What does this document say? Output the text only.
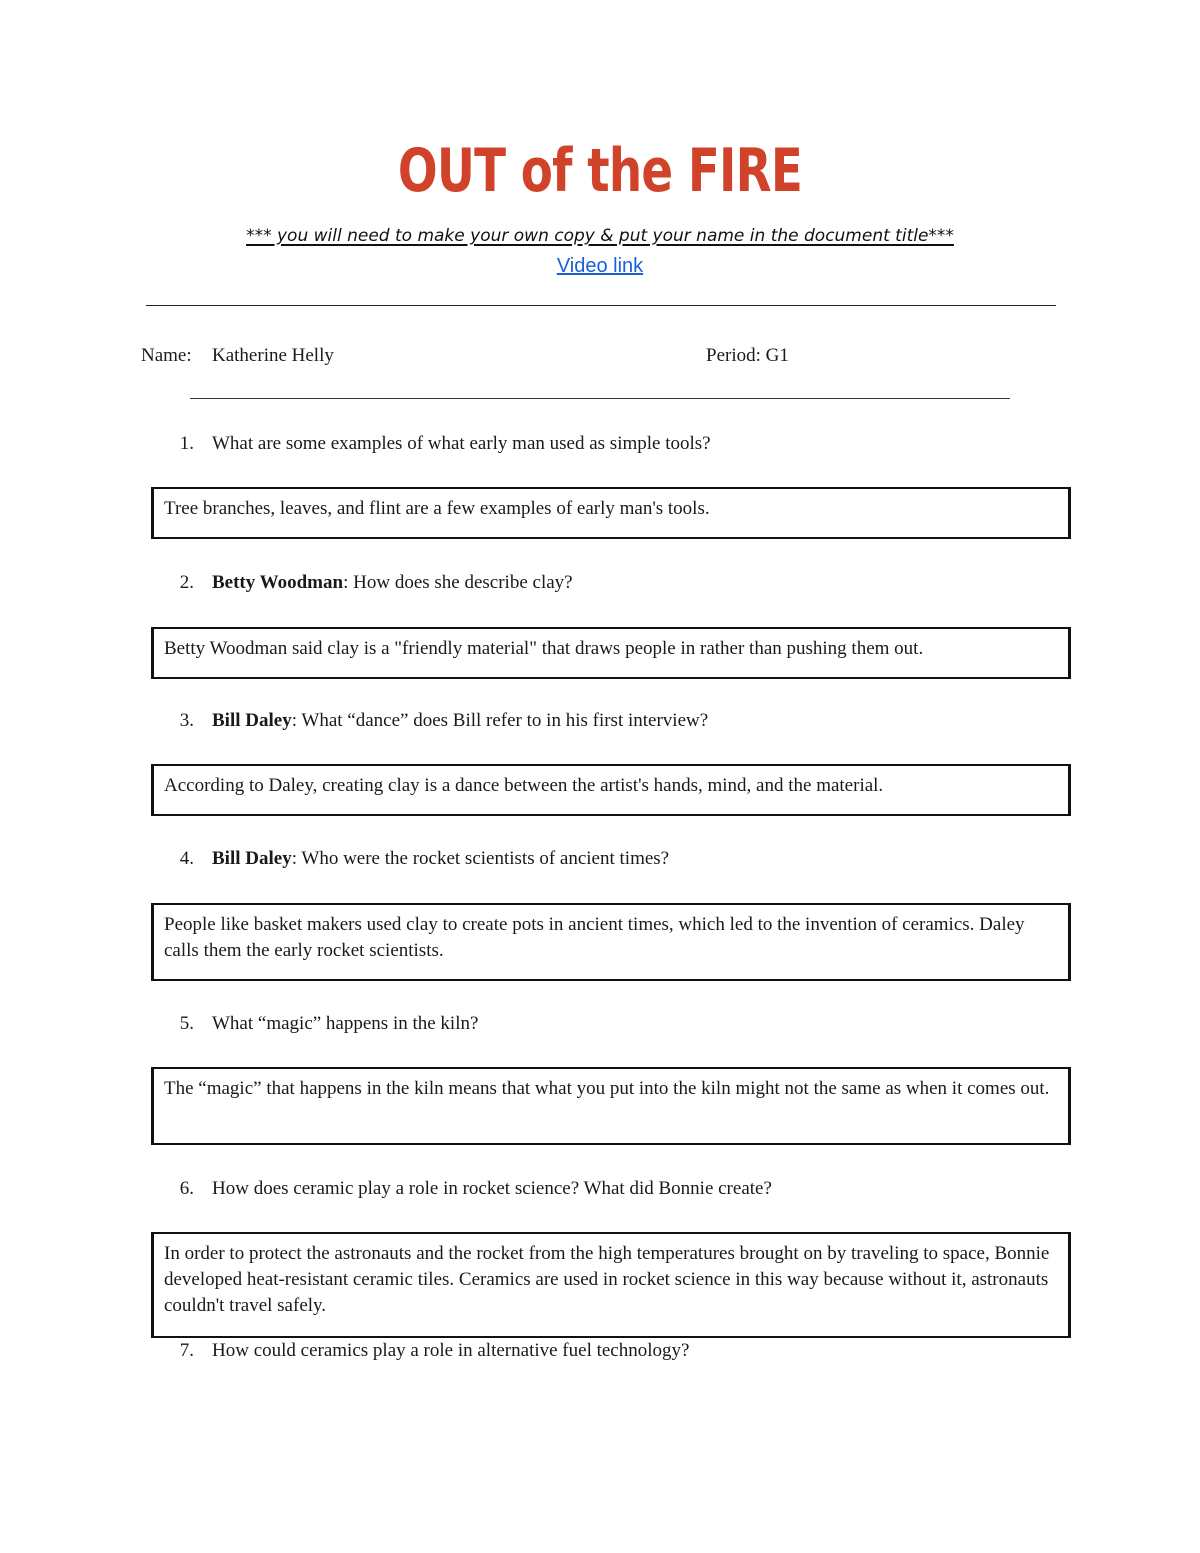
OUT of the FIRE
*** you will need to make your own copy & put your name in the document title***
Video link
Name: Katherine Helly	Period: G1
1. What are some examples of what early man used as simple tools?
Tree branches, leaves, and flint are a few examples of early man's tools.
2. Betty Woodman: How does she describe clay?
Betty Woodman said clay is a "friendly material" that draws people in rather than pushing them out.
3. Bill Daley: What “dance” does Bill refer to in his first interview?
According to Daley, creating clay is a dance between the artist's hands, mind, and the material.
4. Bill Daley: Who were the rocket scientists of ancient times?
People like basket makers used clay to create pots in ancient times, which led to the invention of ceramics. Daley calls them the early rocket scientists.
5. What “magic” happens in the kiln?
The “magic” that happens in the kiln means that what you put into the kiln might not the same as when it comes out.
6. How does ceramic play a role in rocket science? What did Bonnie create?
In order to protect the astronauts and the rocket from the high temperatures brought on by traveling to space, Bonnie developed heat-resistant ceramic tiles. Ceramics are used in rocket science in this way because without it, astronauts couldn't travel safely.
7. How could ceramics play a role in alternative fuel technology?
